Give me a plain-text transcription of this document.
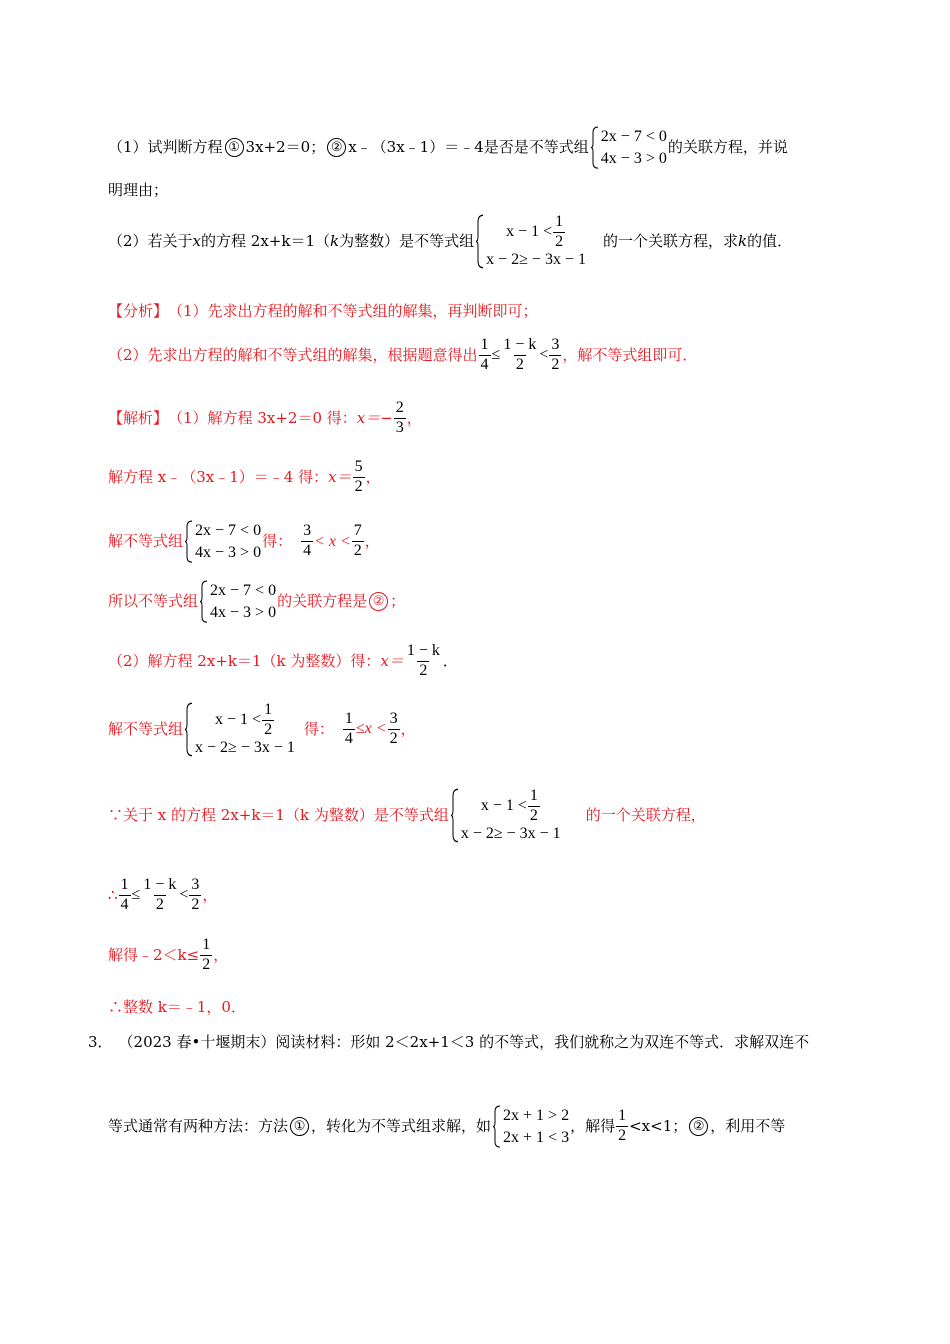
（1）试判断方程 ① 3x+2＝0； ② x﹣（3x﹣1）＝﹣4 是否是不等式组
2x − 7 < 0
4x − 3 > 0
的关联方程，并说
明理由；
（2）若关于 x 的方程 2x+k＝1（ k 为整数）是不等式组
$x - 1 < \frac{1}{2}$
x − 2≥ − 3x − 1
的一个关联方程，求 k 的值．
【分析】 （1）先求出方程的解和不等式组的解集，再判断即可；
（2）先求出方程的解和不等式组的解集，根据题意得出 $\frac{1}{4} \le \frac{1 - k}{2} < \frac{3}{2}$ ，解不等式组即可．
【解析】 （1）解方程 3x+2＝0 得： $x=- \frac{2}{3}$ ，
解方程 x﹣（3x﹣1）＝﹣4 得： $x= \frac{5}{2}$ ，
解不等式组
2x − 7 < 0
4x − 3 > 0
得： $\frac{3}{4} < x < \frac{7}{2}$ ，
所以不等式组
2x − 7 < 0
4x − 3 > 0
的关联方程是 ② ；
（2）解方程 2x+k＝1（k 为整数）得： $x= \frac{1 - k}{2}$ ．
解不等式组
$x - 1 < \frac{1}{2}$
x − 2≥ − 3x − 1
得： $\frac{1}{4} \le x < \frac{3}{2}$ ，
∵关于 x 的方程 2x+k＝1（k 为整数）是不等式组
$x - 1 < \frac{1}{2}$
x − 2≥ − 3x − 1
的一个关联方程，
∴ $\frac{1}{4} \le \frac{1 - k}{2} < \frac{3}{2}$ ，
解得﹣2＜k≤ $\frac{1}{2}$ ，
∴整数 k＝﹣1，0．
3． （2023 春•十堰期末）阅读材料：形如 2＜2x+1＜3 的不等式，我们就称之为双连不等式．求解双连不
等式通常有两种方法：方法 ① ，转化为不等式组求解，如
2x + 1 > 2
2x + 1 < 3
，解得 $\frac{1}{2} <x<1$； ② ，利用不等
